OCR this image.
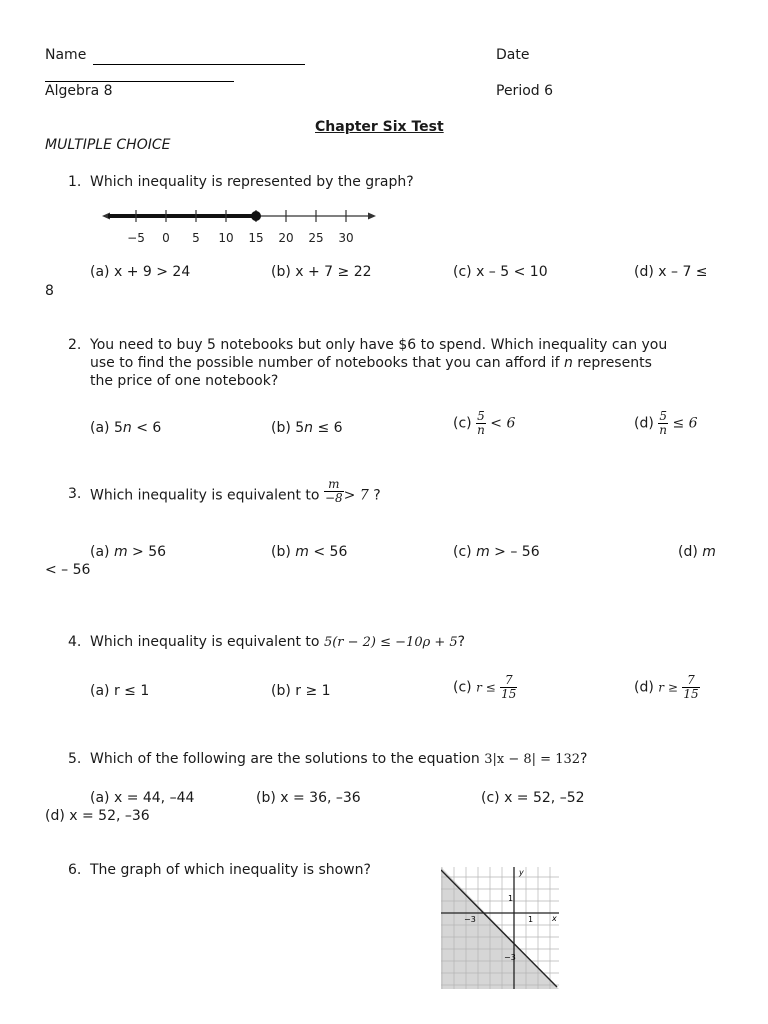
Name	Date
Algebra 8	Period 6
Chapter Six Test
MULTIPLE CHOICE
1. Which inequality is represented by the graph?
−5 0 5 10 15 20 25 30
(a) x + 9 > 24	(b) x + 7 ≥ 22	(c) x – 5 < 10	(d) x – 7 ≤
8
2. You need to buy 5 notebooks but only have $6 to spend. Which inequality can you
use to find the possible number of notebooks that you can afford if n represents
the price of one notebook?
(a) 5n < 6	(b) 5n ≤ 6	$(c) \frac{5}{n} < 6$	$(d) \frac{5}{n} \le 6$
3. Which inequality is equivalent to $\frac{m}{-8} > 7$ ?
(a) m > 56	(b) m < 56	(c) m > – 56	(d) m
< – 56
4. Which inequality is equivalent to 5(r − 2) ≤ −10ρ + 5?
(a) r ≤ 1	(b) r ≥ 1	(c) $r \le \frac{7}{15}$	(d) $r \ge \frac{7}{15}$
5. Which of the following are the solutions to the equation 3|x − 8| = 132?
(a) x = 44, –44	(b) x = 36, –36	(c) x = 52, –52
(d) x = 52, –36
6. The graph of which inequality is shown?	y
x
1
−3	1
−3
